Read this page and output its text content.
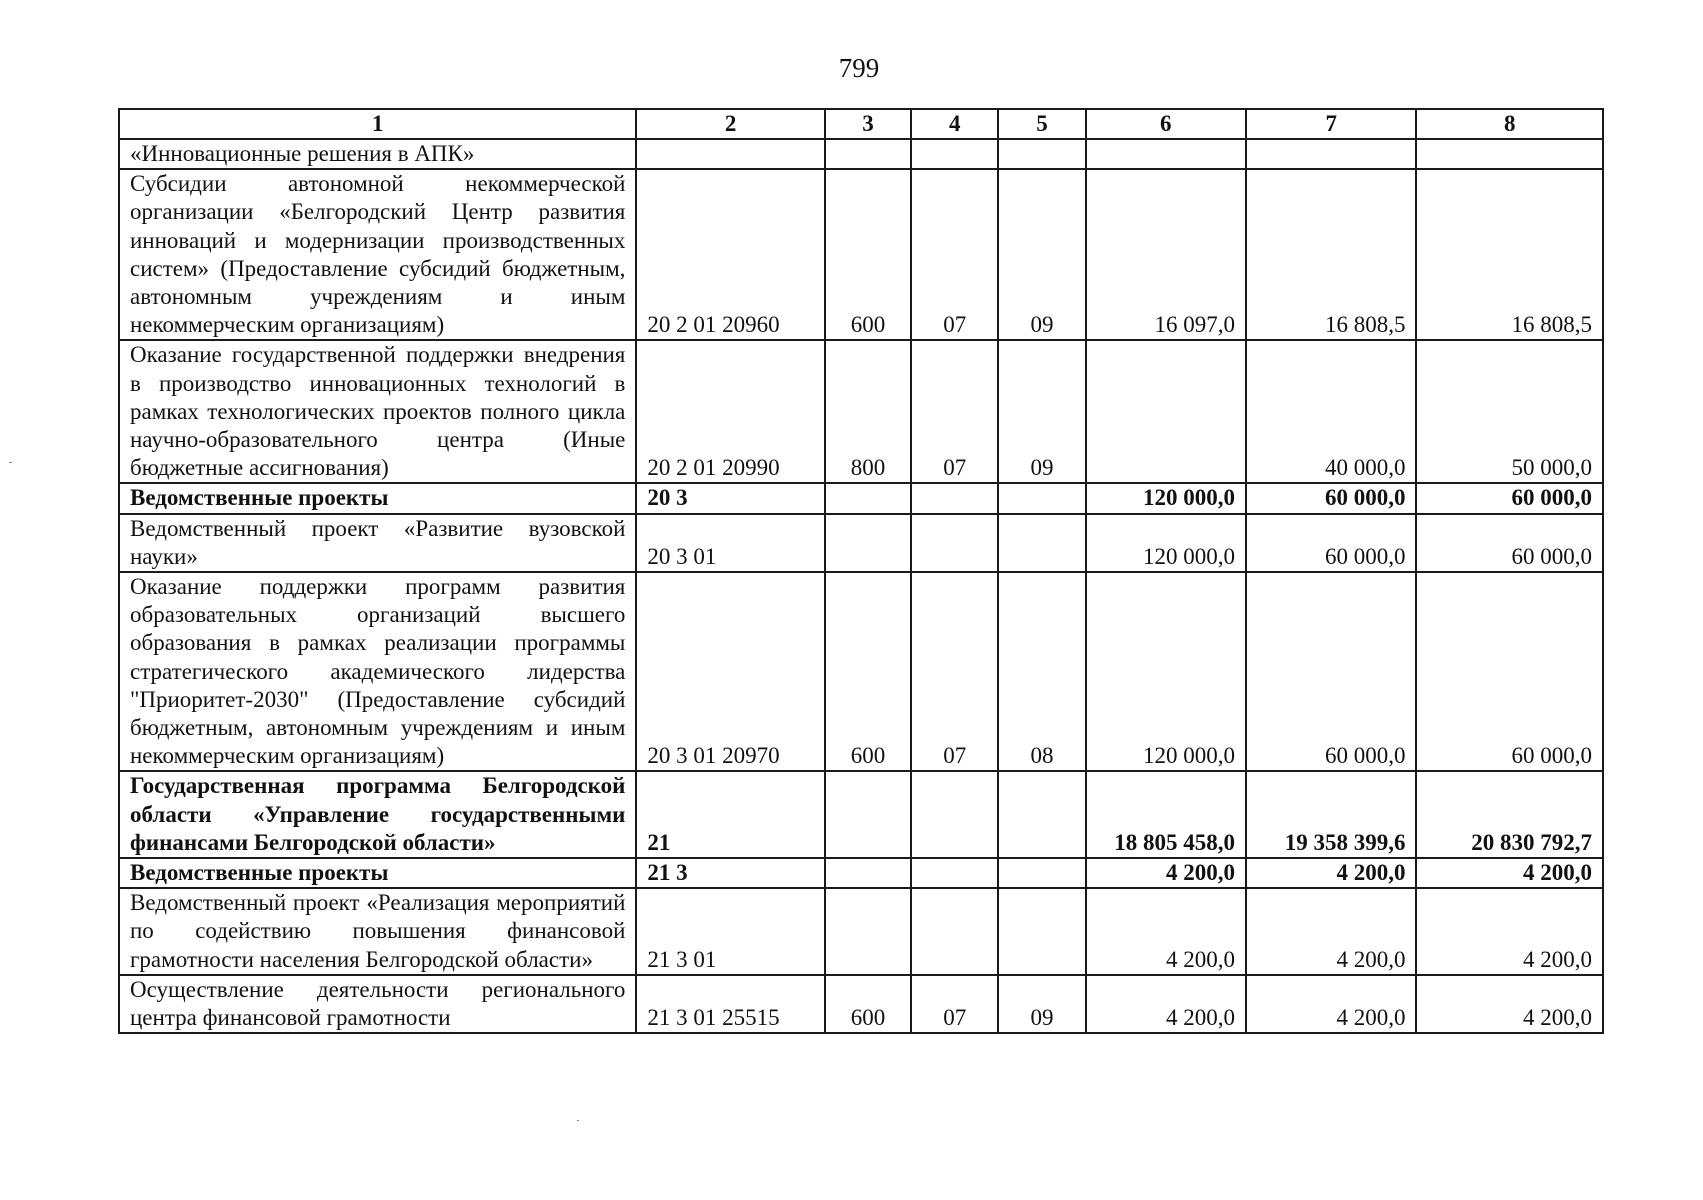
799
1	2	3	4	5	6	7	8
«Инновационные решения в АПК»							
Субсидии автономной некоммерческой организации «Белгородский Центр развития инноваций и модернизации производственных систем» (Предоставление субсидий бюджетным, автономным учреждениям и иным некоммерческим организациям)	20 2 01 20960	600	07	09	16 097,0	16 808,5	16 808,5
Оказание государственной поддержки внедрения в производство инновационных технологий в рамках технологических проектов полного цикла научно-образовательного центра (Иные бюджетные ассигнования)	20 2 01 20990	800	07	09		40 000,0	50 000,0
Ведомственные проекты	20 3				120 000,0	60 000,0	60 000,0
Ведомственный проект «Развитие вузовской науки»	20 3 01				120 000,0	60 000,0	60 000,0
Оказание поддержки программ развития образовательных организаций высшего образования в рамках реализации программы стратегического академического лидерства "Приоритет-2030" (Предоставление субсидий бюджетным, автономным учреждениям и иным некоммерческим организациям)	20 3 01 20970	600	07	08	120 000,0	60 000,0	60 000,0
Государственная программа Белгородской области «Управление государственными финансами Белгородской области»	21				18 805 458,0	19 358 399,6	20 830 792,7
Ведомственные проекты	21 3				4 200,0	4 200,0	4 200,0
Ведомственный проект «Реализация мероприятий по содействию повышения финансовой грамотности населения Белгородской области»	21 3 01				4 200,0	4 200,0	4 200,0

Осуществление деятельности регионального центра финансовой грамотности	21 3 01 25515	600	07	09	4 200,0	4 200,0	4 200,0
